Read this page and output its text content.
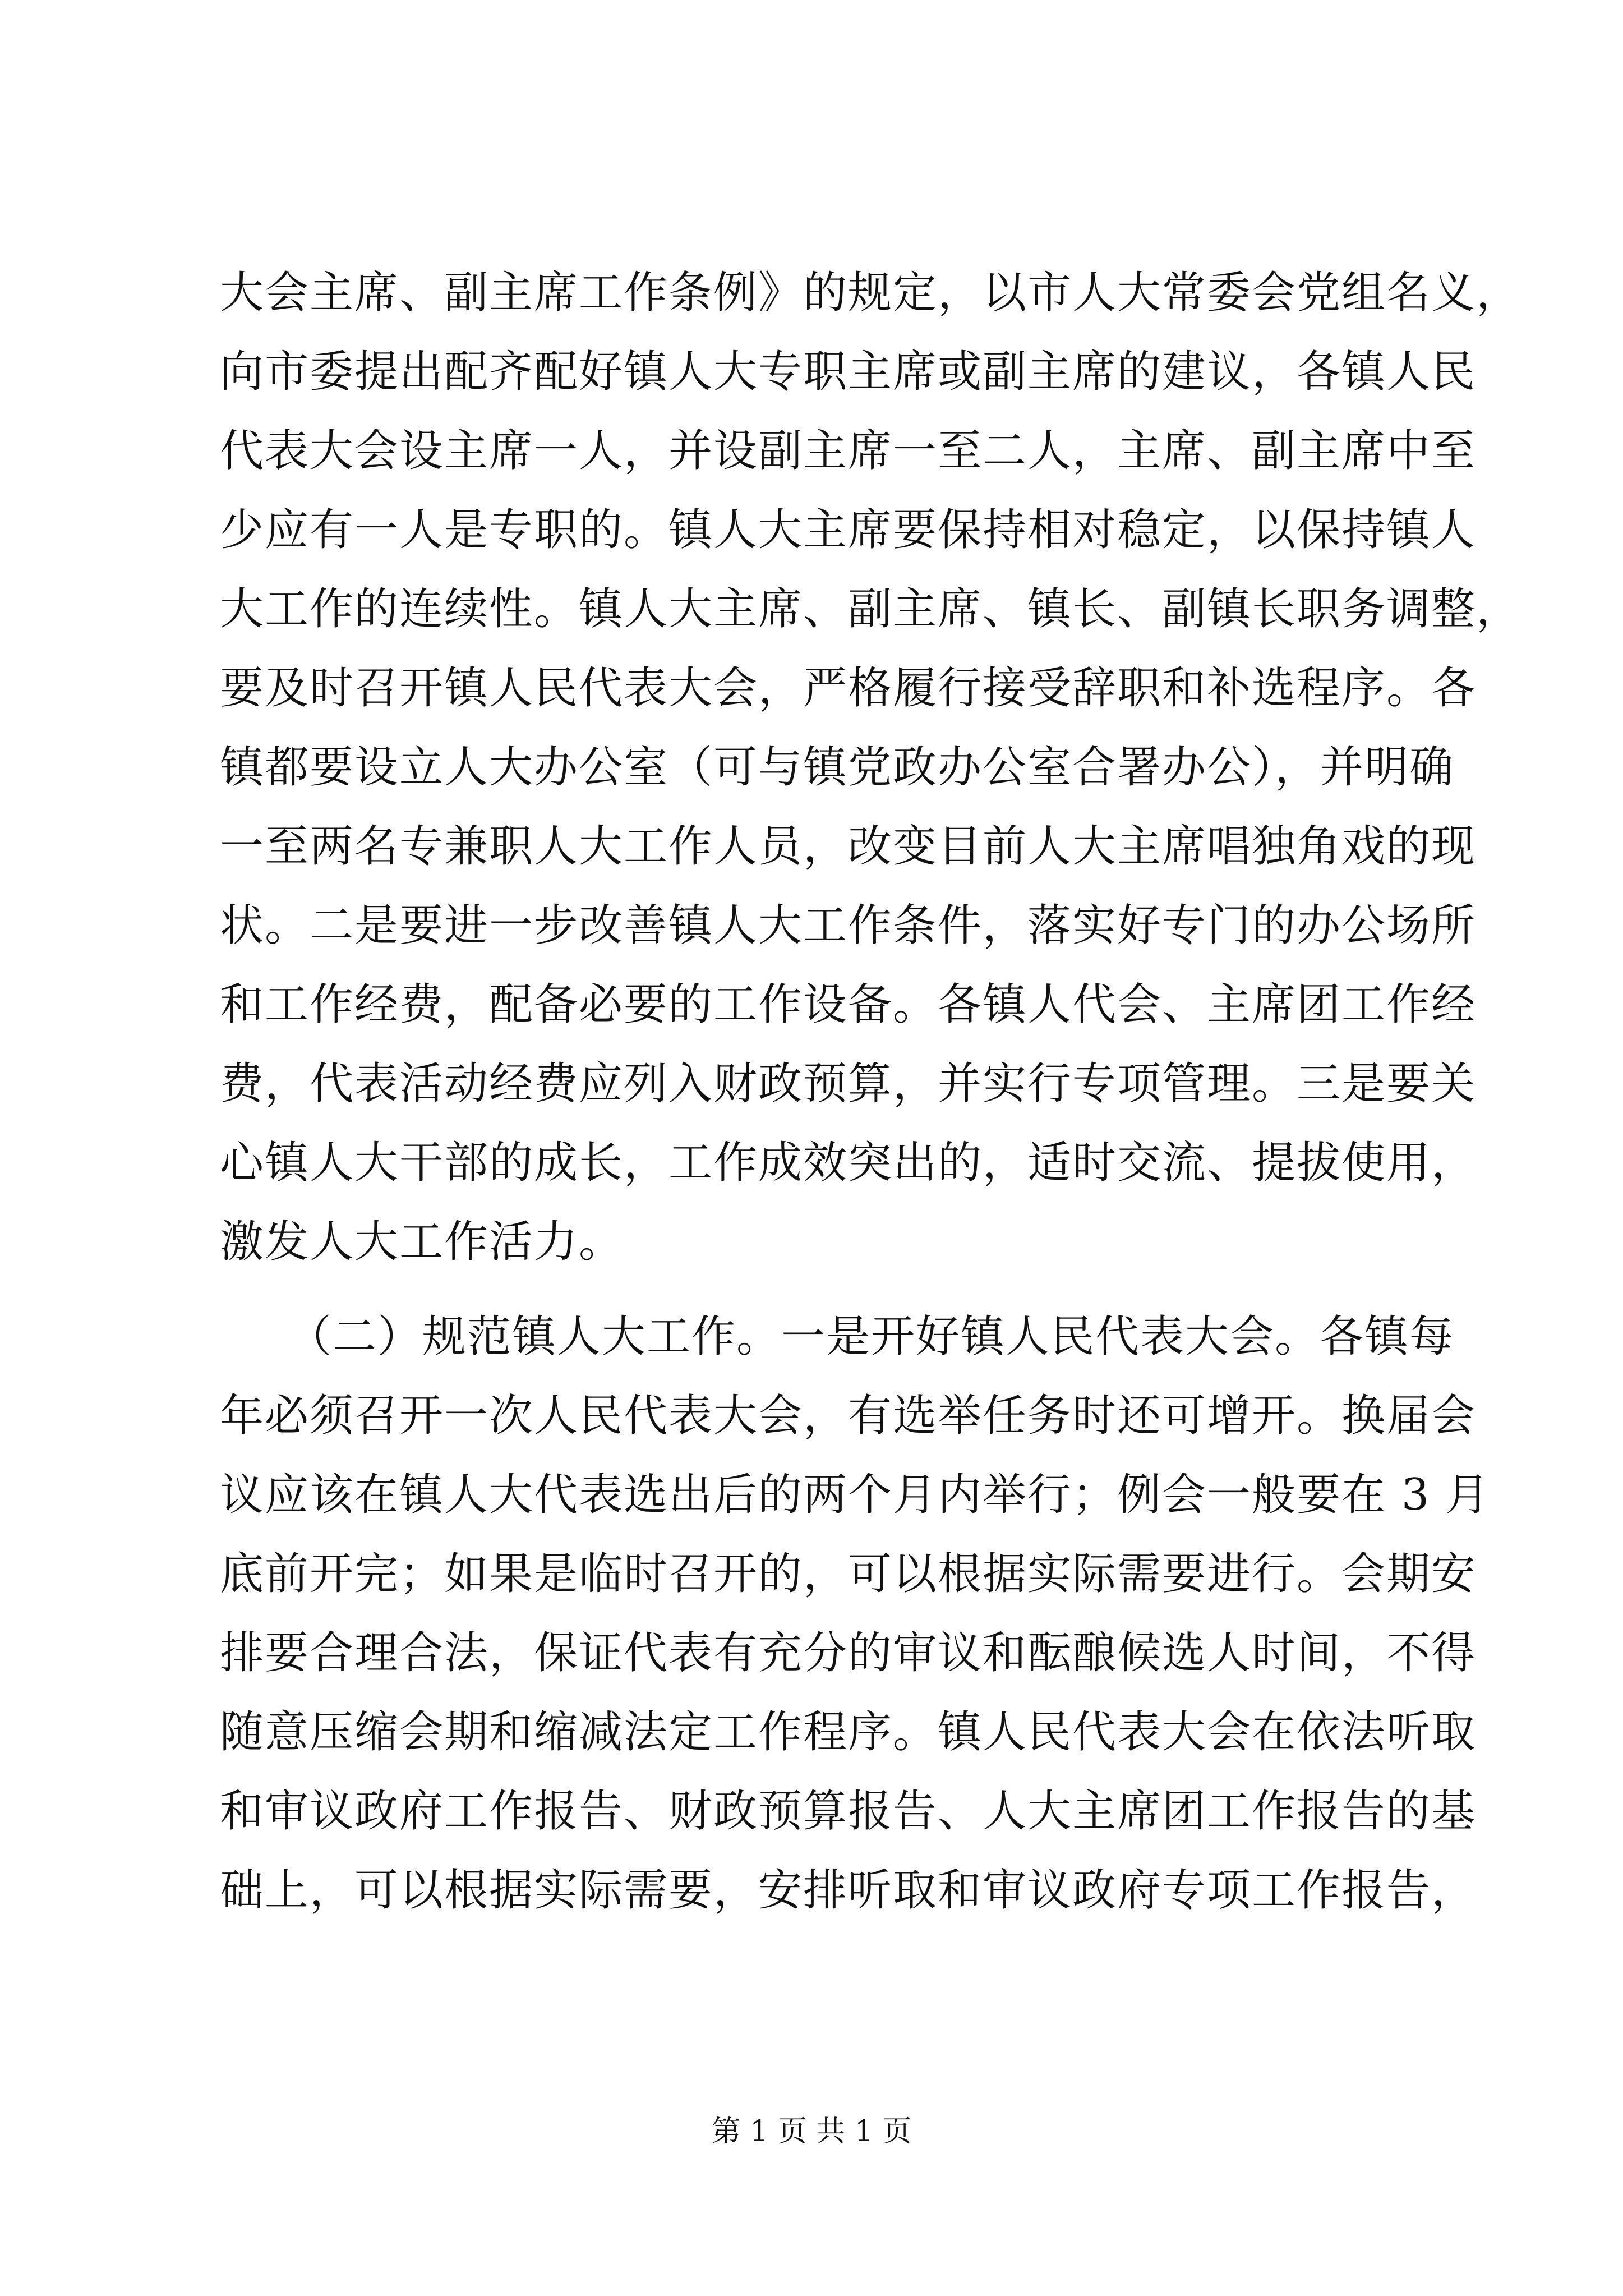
大会主席、副主席工作条例》的规定，以市人大常委会党组名义，
向市委提出配齐配好镇人大专职主席或副主席的建议，各镇人民
代表大会设主席一人，并设副主席一至二人，主席、副主席中至
少应有一人是专职的。镇人大主席要保持相对稳定，以保持镇人
大工作的连续性。镇人大主席、副主席、镇长、副镇长职务调整，
要及时召开镇人民代表大会，严格履行接受辞职和补选程序。各
镇都要设立人大办公室（可与镇党政办公室合署办公），并明确
一至两名专兼职人大工作人员，改变目前人大主席唱独角戏的现
状。二是要进一步改善镇人大工作条件，落实好专门的办公场所
和工作经费，配备必要的工作设备。各镇人代会、主席团工作经
费，代表活动经费应列入财政预算，并实行专项管理。三是要关
心镇人大干部的成长，工作成效突出的，适时交流、提拔使用，
激发人大工作活力。
　　（二）规范镇人大工作。一是开好镇人民代表大会。各镇每
年必须召开一次人民代表大会，有选举任务时还可增开。换届会
议应该在镇人大代表选出后的两个月内举行；例会一般要在 3 月
底前开完；如果是临时召开的，可以根据实际需要进行。会期安
排要合理合法，保证代表有充分的审议和酝酿候选人时间，不得
随意压缩会期和缩减法定工作程序。镇人民代表大会在依法听取
和审议政府工作报告、财政预算报告、人大主席团工作报告的基
础上，可以根据实际需要，安排听取和审议政府专项工作报告，
第 1 页 共 1 页
